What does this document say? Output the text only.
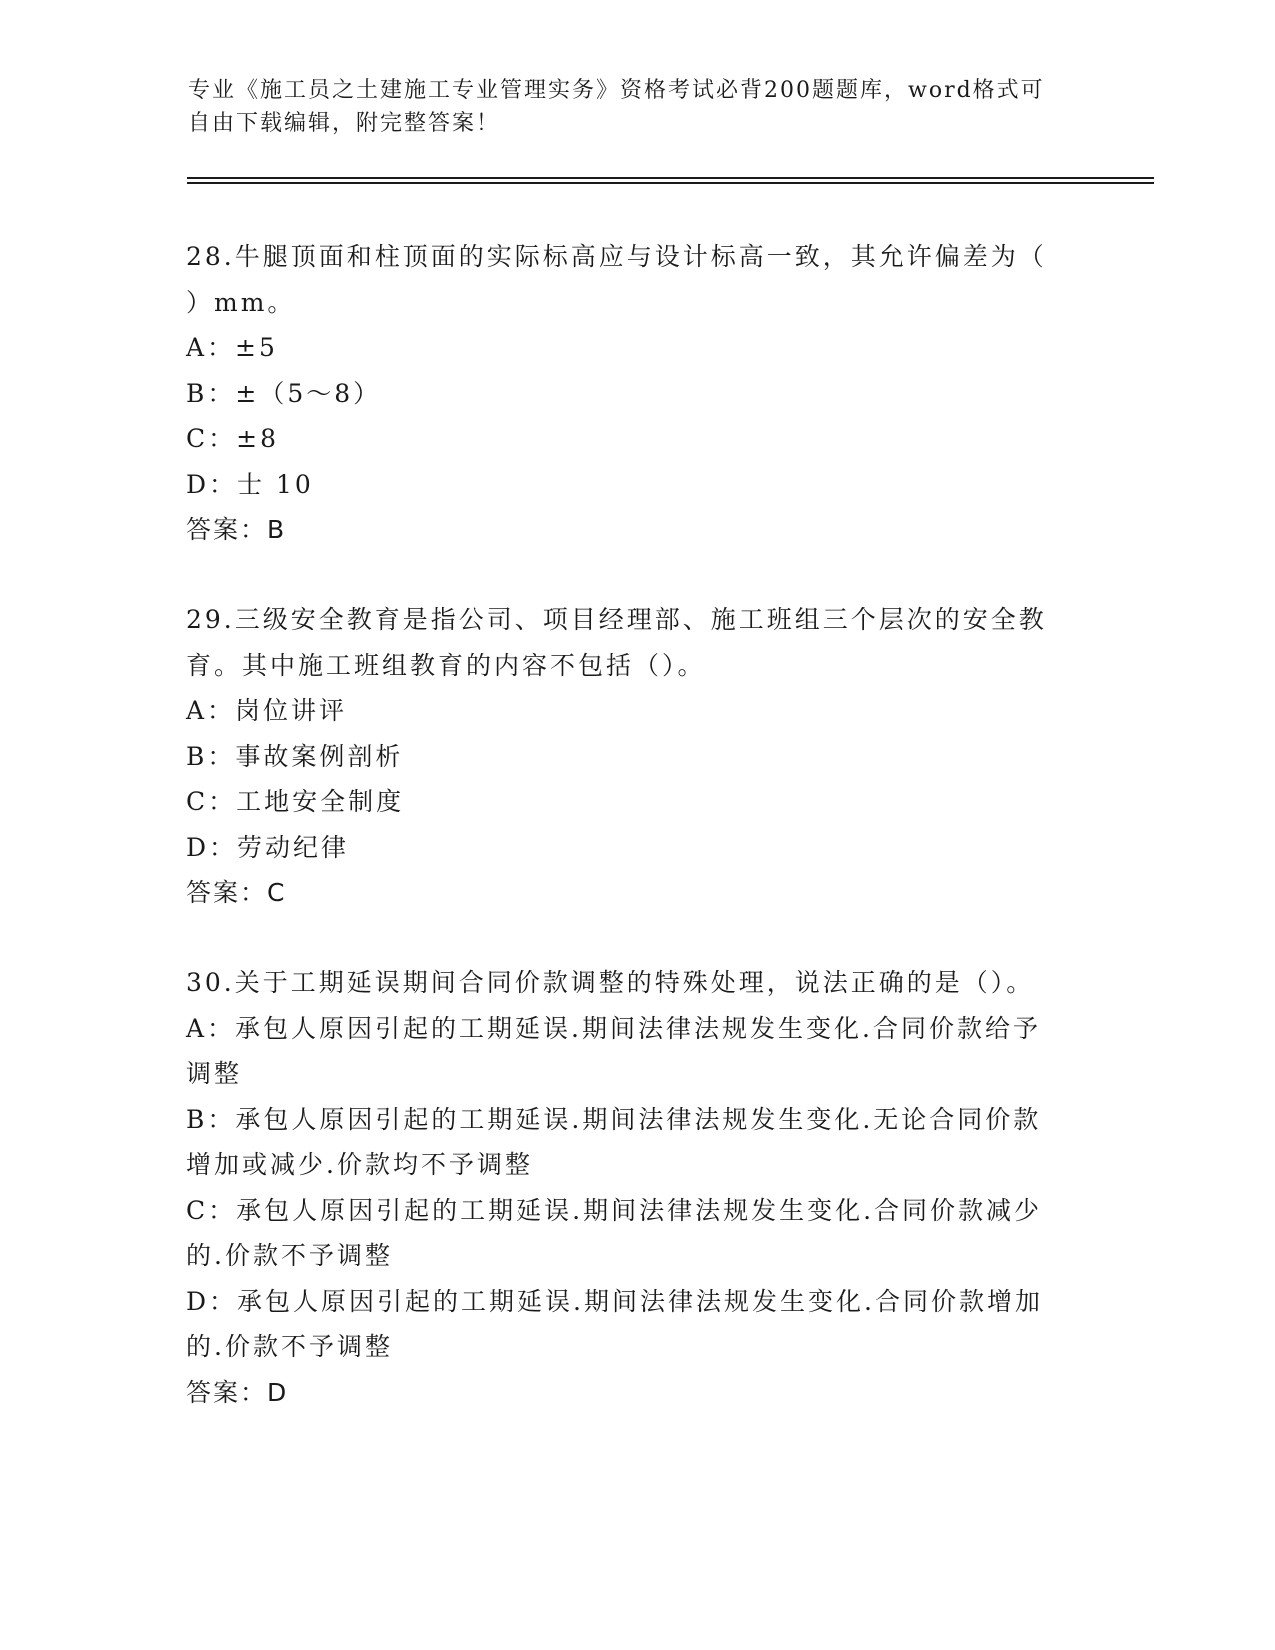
专业《施工员之土建施工专业管理实务》资格考试必背200题题库，word格式可
自由下载编辑，附完整答案！
28.牛腿顶面和柱顶面的实际标高应与设计标高一致，其允许偏差为（
）mm。
A：±5
B：±（5～8）
C：±8
D：士 10
答案：B
29.三级安全教育是指公司、项目经理部、施工班组三个层次的安全教
育。其中施工班组教育的内容不包括（）。
A：岗位讲评
B：事故案例剖析
C：工地安全制度
D：劳动纪律
答案：C
30.关于工期延误期间合同价款调整的特殊处理，说法正确的是（）。
A：承包人原因引起的工期延误.期间法律法规发生变化.合同价款给予
调整
B：承包人原因引起的工期延误.期间法律法规发生变化.无论合同价款
增加或减少.价款均不予调整
C：承包人原因引起的工期延误.期间法律法规发生变化.合同价款减少
的.价款不予调整
D：承包人原因引起的工期延误.期间法律法规发生变化.合同价款增加
的.价款不予调整
答案：D
